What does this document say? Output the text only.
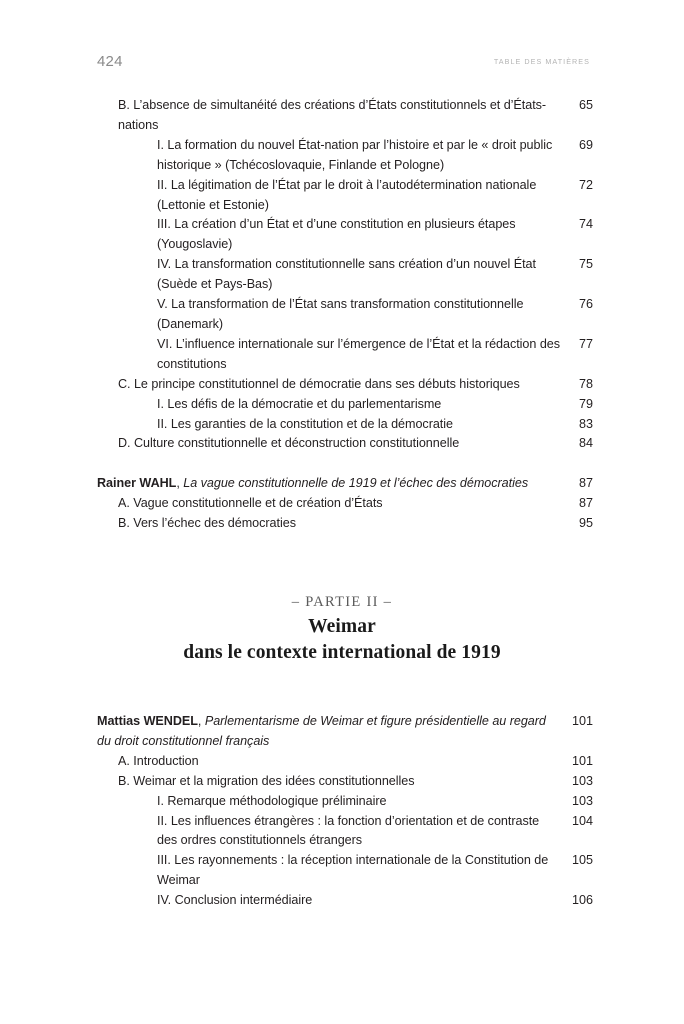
424	TABLE DES MATIÈRES
B. L’absence de simultanéité des créations d’États constitutionnels et d’États-nations
65
I. La formation du nouvel État-nation par l’histoire et par le « droit public historique » (Tchécoslovaquie, Finlande et Pologne)
69
II. La légitimation de l’État par le droit à l’autodétermination nationale (Lettonie et Estonie)
72
III. La création d’un État et d’une constitution en plusieurs étapes (Yougoslavie)
74
IV. La transformation constitutionnelle sans création d’un nouvel État (Suède et Pays-Bas)
75
V. La transformation de l’État sans transformation constitutionnelle (Danemark)
76
VI. L’influence internationale sur l’émergence de l’État et la rédaction des constitutions
77
C. Le principe constitutionnel de démocratie dans ses débuts historiques	78
I. Les défis de la démocratie et du parlementarisme	79
II. Les garanties de la constitution et de la démocratie	83
D. Culture constitutionnelle et déconstruction constitutionnelle	84
Rainer WAHL, La vague constitutionnelle de 1919 et l’échec des démocraties	87
A. Vague constitutionnelle et de création d’États	87
B. Vers l’échec des démocraties	95
– PARTIE II –
Weimar
dans le contexte international de 1919
Mattias WENDEL, Parlementarisme de Weimar et figure présidentielle au regard du droit constitutionnel français
101
A. Introduction	101
B. Weimar et la migration des idées constitutionnelles	103
I. Remarque méthodologique préliminaire	103
II. Les influences étrangères : la fonction d’orientation et de contraste des ordres constitutionnels étrangers
104
III. Les rayonnements : la réception internationale de la Constitution de Weimar
105
IV. Conclusion intermédiaire	106
